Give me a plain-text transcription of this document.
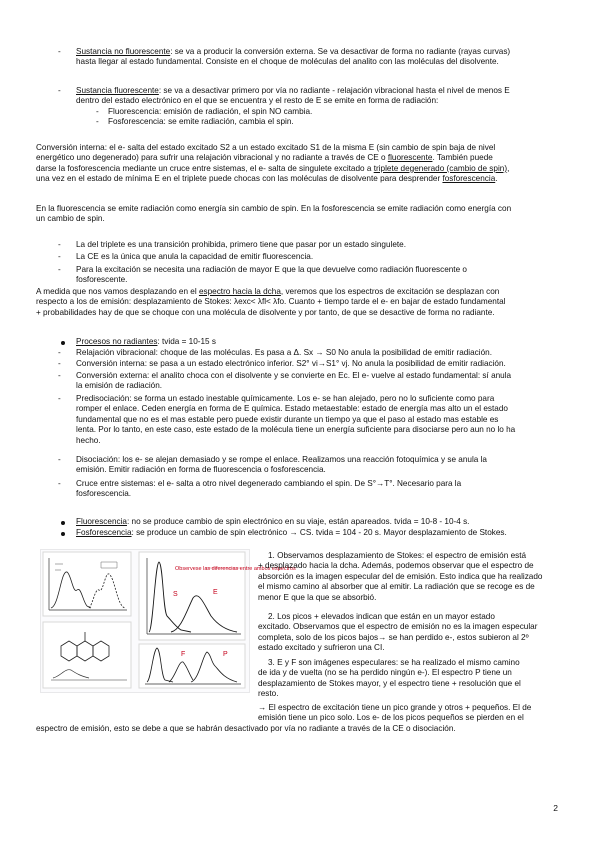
- Sustancia no fluorescente: se va a producir la conversión externa. Se va desactivar de forma no radiante (rayas curvas)
hasta llegar al estado fundamental. Consiste en el choque de moléculas del analito con las moléculas del disolvente.
- Sustancia fluorescente: se va a desactivar primero por vía no radiante - relajación vibracional hasta el nivel de menos E
dentro del estado electrónico en el que se encuentra y el resto de E se emite en forma de radiación:
- Fluorescencia: emisión de radiación, el spin NO cambia.
- Fosforescencia: se emite radiación, cambia el spin.
Conversión interna: el e- salta del estado excitado S2 a un estado excitado S1 de la misma E (sin cambio de spin baja de nivel
energético uno degenerado) para sufrir una relajación vibracional y no radiante a través de CE o fluorescente. También puede
darse la fosforescencia mediante un cruce entre sistemas, el e- salta de singulete excitado a triplete degenerado (cambio de spin),
una vez en el estado de mínima E en el triplete puede chocas con las moléculas de disolvente para desprender fosforescencia.
En la fluorescencia se emite radiación como energía sin cambio de spin. En la fosforescencia se emite radiación como energía con
un cambio de spin.
- La del triplete es una transición prohibida, primero tiene que pasar por un estado singulete.
- La CE es la única que anula la capacidad de emitir fluorescencia.
- Para la excitación se necesita una radiación de mayor E que la que devuelve como radiación fluorescente o
fosforescente.
A medida que nos vamos desplazando en el espectro hacia la dcha, veremos que los espectros de excitación se desplazan con
respecto a los de emisión: desplazamiento de Stokes: λexc< λfl< λfo. Cuanto + tiempo tarde el e- en bajar de estado fundamental
+ probabilidades hay de que se choque con una molécula de disolvente y por tanto, de que se desactive de forma no radiante.
Procesos no radiantes: tvida = 10-15 s
- Relajación vibracional: choque de las moléculas. Es pasa a Δ. Sx → S0 No anula la posibilidad de emitir radiación.
- Conversión interna: se pasa a un estado electrónico inferior. S2° vi→S1° vj. No anula la posibilidad de emitir radiación.
- Conversión externa: el analito choca con el disolvente y se convierte en Ec. El e- vuelve al estado fundamental: sí anula
la emisión de radiación.
- Predisociación: se forma un estado inestable químicamente. Los e- se han alejado, pero no lo suficiente como para
romper el enlace. Ceden energía en forma de E química. Estado metaestable: estado de energía mas alto un el estado
fundamental que no es el mas estable pero puede existir durante un tiempo ya que el paso al estado mas estable es
lenta. Por lo tanto, en este caso, este estado de la molécula tiene un energía suficiente para disociarse pero aun no lo ha
hecho.
- Disociación: los e- se alejan demasiado y se rompe el enlace. Realizamos una reacción fotoquímica y se anula la
emisión. Emitir radiación en forma de fluorescencia o fosforescencia.
- Cruce entre sistemas: el e- salta a otro nivel degenerado cambiando el spin. De S°→T°. Necesario para la
fosforescencia.
Fluorescencia: no se produce cambio de spin electrónico en su viaje, están apareados. tvida = 10-8 - 10-4 s.
Fosforescencia: se produce un cambio de spin electrónico → CS. tvida = 104 - 20 s. Mayor desplazamiento de Stokes.
Observese las diferencias entre ambos espectros
S	E
F	P
1. Observamos desplazamiento de Stokes: el espectro de emisión está
+ desplazado hacia la dcha. Además, podemos observar que el espectro de
absorción es la imagen especular del de emisión. Esto indica que ha realizado
el mismo camino al absorber que al emitir. La radiación que se recoge es de
menor E que la que se absorbió.
2. Los picos + elevados indican que están en un mayor estado
excitado. Observamos que el espectro de emisión no es la imagen especular
completa, solo de los picos bajos→ se han perdido e-, estos subieron al 2º
estado excitado y sufrieron una CI.
3. E y F son imágenes especulares: se ha realizado el mismo camino
de ida y de vuelta (no se ha perdido ningún e-). El espectro P tiene un
desplazamiento de Stokes mayor, y el espectro tiene + resolución que el
resto.
→ El espectro de excitación tiene un pico grande y otros + pequeños. El de
emisión tiene un pico solo. Los e- de los picos pequeños se pierden en el
espectro de emisión, esto se debe a que se habrán desactivado por vía no radiante a través de la CE o disociación.
2
